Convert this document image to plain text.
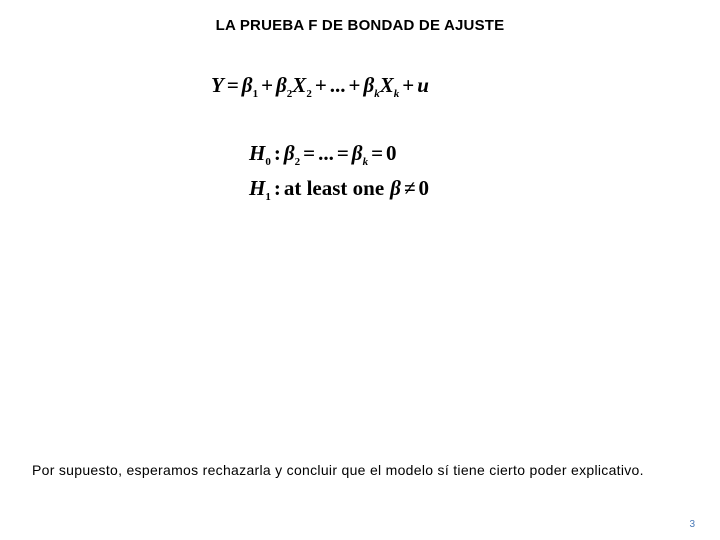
LA PRUEBA F DE BONDAD DE AJUSTE
$Y = \beta_1 + \beta_2X_2$ + ... + $\beta_kX_k + u$
$H_0$ : $\beta_2$ = ... = $\beta_k = 0$
$H_1$ : at least one β ≠ 0
Por supuesto, esperamos rechazarla y concluir que el modelo sí tiene cierto poder explicativo.
3
